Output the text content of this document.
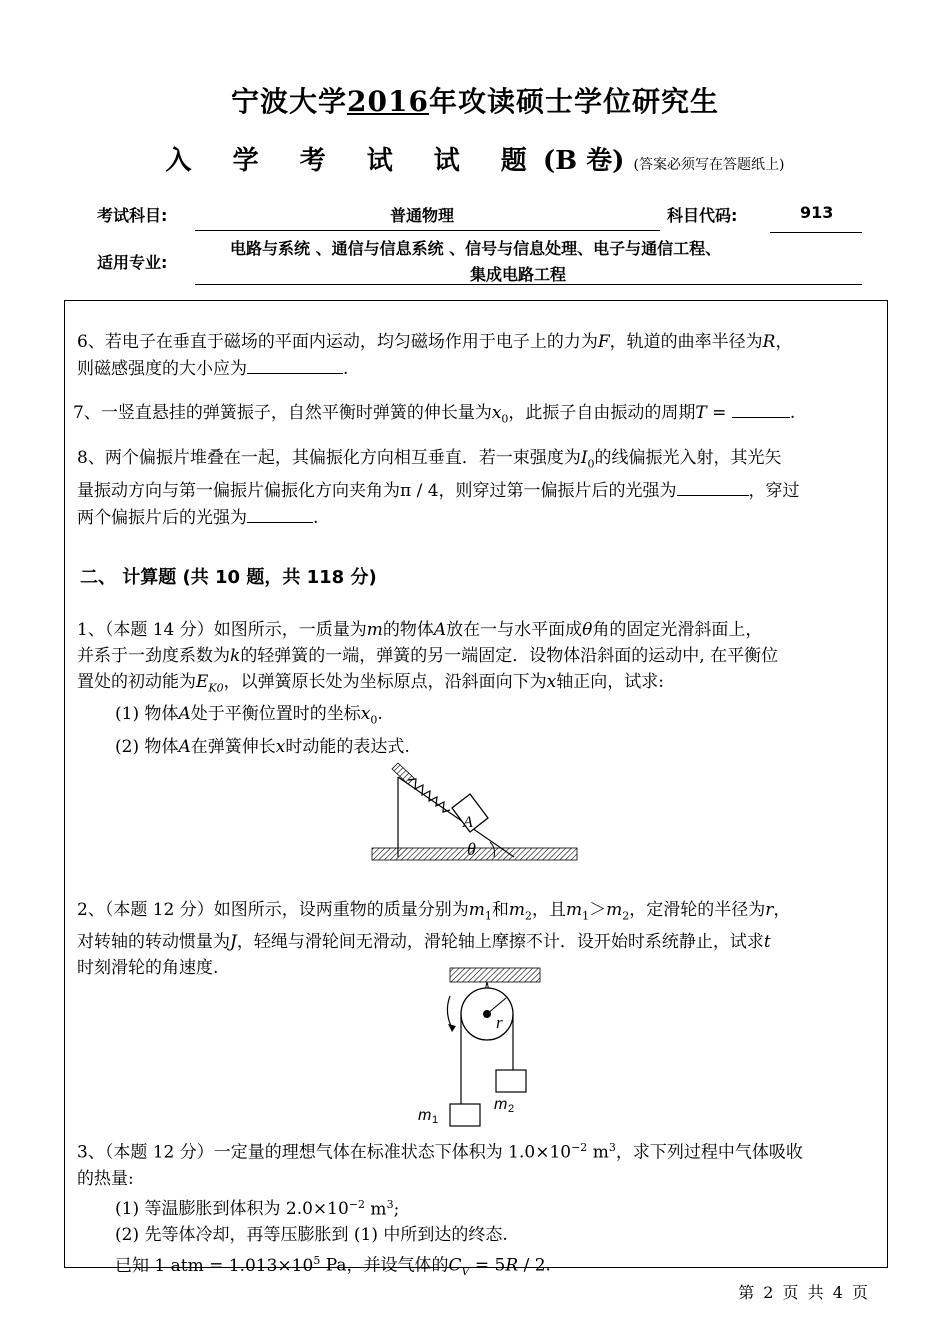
宁波大学2016年攻读硕士学位研究生
入 学 考 试 试 题(B 卷) (答案必须写在答题纸上)
考试科目:	普通物理	科目代码:	913
适用专业:
电路与系统 、通信与信息系统 、信号与信息处理、电子与通信工程、
集成电路工程
6、若电子在垂直于磁场的平面内运动，均匀磁场作用于电子上的力为F，轨道的曲率半径为R，
则磁感强度的大小应为	.
7、一竖直悬挂的弹簧振子，自然平衡时弹簧的伸长量为$x_0$，此振子自由振动的周期T =	.
8、两个偏振片堆叠在一起，其偏振化方向相互垂直．若一束强度为$I_0$的线偏振光入射，其光矢
量振动方向与第一偏振片偏振化方向夹角为π / 4，则穿过第一偏振片后的光强为	，穿过
两个偏振片后的光强为	.
二、 计算题 (共 10 题，共 118 分)
1、（本题 14 分）如图所示，一质量为m的物体A放在一与水平面成θ角的固定光滑斜面上，
并系于一劲度系数为k的轻弹簧的一端，弹簧的另一端固定．设物体沿斜面的运动中, 在平衡位
置处的初动能为$E_{K0}$，以弹簧原长处为坐标原点，沿斜面向下为x轴正向，试求:
(1) 物体A处于平衡位置时的坐标$x_0$.
(2) 物体A在弹簧伸长x时动能的表达式.
A
θ
2、（本题 12 分）如图所示，设两重物的质量分别为$m_1$和$m_2$，且$m_1>m_2$，定滑轮的半径为r，
对转轴的转动惯量为J，轻绳与滑轮间无滑动，滑轮轴上摩擦不计．设开始时系统静止，试求t
时刻滑轮的角速度.
r
m 2
m 1
3、（本题 12 分）一定量的理想气体在标准状态下体积为 $1.0\times 10^{-2}$ $m^3$，求下列过程中气体吸收
的热量:
(1) 等温膨胀到体积为 $2.0\times 10^{-2}$ $m^3$;
(2) 先等体冷却，再等压膨胀到 (1) 中所到达的终态.
已知 1 atm = $1.013\times 10^5$ Pa，并设气体的$C_V = 5R / 2$.
第 2 页 共 4 页
